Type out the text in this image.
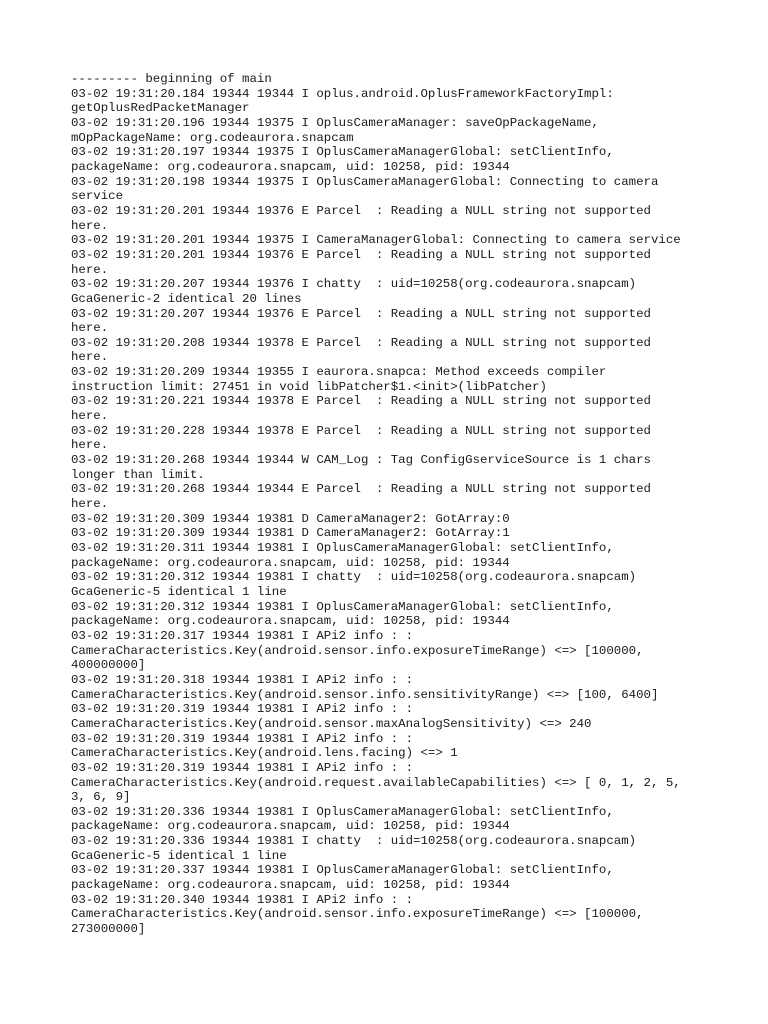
--------- beginning of main
03-02 19:31:20.184 19344 19344 I oplus.android.OplusFrameworkFactoryImpl:
getOplusRedPacketManager
03-02 19:31:20.196 19344 19375 I OplusCameraManager: saveOpPackageName,
mOpPackageName: org.codeaurora.snapcam
03-02 19:31:20.197 19344 19375 I OplusCameraManagerGlobal: setClientInfo,
packageName: org.codeaurora.snapcam, uid: 10258, pid: 19344
03-02 19:31:20.198 19344 19375 I OplusCameraManagerGlobal: Connecting to camera
service
03-02 19:31:20.201 19344 19376 E Parcel  : Reading a NULL string not supported
here.
03-02 19:31:20.201 19344 19375 I CameraManagerGlobal: Connecting to camera service
03-02 19:31:20.201 19344 19376 E Parcel  : Reading a NULL string not supported
here.
03-02 19:31:20.207 19344 19376 I chatty  : uid=10258(org.codeaurora.snapcam)
GcaGeneric-2 identical 20 lines
03-02 19:31:20.207 19344 19376 E Parcel  : Reading a NULL string not supported
here.
03-02 19:31:20.208 19344 19378 E Parcel  : Reading a NULL string not supported
here.
03-02 19:31:20.209 19344 19355 I eaurora.snapca: Method exceeds compiler
instruction limit: 27451 in void libPatcher$1.<init>(libPatcher)
03-02 19:31:20.221 19344 19378 E Parcel  : Reading a NULL string not supported
here.
03-02 19:31:20.228 19344 19378 E Parcel  : Reading a NULL string not supported
here.
03-02 19:31:20.268 19344 19344 W CAM_Log : Tag ConfigGserviceSource is 1 chars
longer than limit.
03-02 19:31:20.268 19344 19344 E Parcel  : Reading a NULL string not supported
here.
03-02 19:31:20.309 19344 19381 D CameraManager2: GotArray:0
03-02 19:31:20.309 19344 19381 D CameraManager2: GotArray:1
03-02 19:31:20.311 19344 19381 I OplusCameraManagerGlobal: setClientInfo,
packageName: org.codeaurora.snapcam, uid: 10258, pid: 19344
03-02 19:31:20.312 19344 19381 I chatty  : uid=10258(org.codeaurora.snapcam)
GcaGeneric-5 identical 1 line
03-02 19:31:20.312 19344 19381 I OplusCameraManagerGlobal: setClientInfo,
packageName: org.codeaurora.snapcam, uid: 10258, pid: 19344
03-02 19:31:20.317 19344 19381 I APi2 info : :
CameraCharacteristics.Key(android.sensor.info.exposureTimeRange) <=> [100000,
400000000]
03-02 19:31:20.318 19344 19381 I APi2 info : :
CameraCharacteristics.Key(android.sensor.info.sensitivityRange) <=> [100, 6400]
03-02 19:31:20.319 19344 19381 I APi2 info : :
CameraCharacteristics.Key(android.sensor.maxAnalogSensitivity) <=> 240
03-02 19:31:20.319 19344 19381 I APi2 info : :
CameraCharacteristics.Key(android.lens.facing) <=> 1
03-02 19:31:20.319 19344 19381 I APi2 info : :
CameraCharacteristics.Key(android.request.availableCapabilities) <=> [ 0, 1, 2, 5,
3, 6, 9]
03-02 19:31:20.336 19344 19381 I OplusCameraManagerGlobal: setClientInfo,
packageName: org.codeaurora.snapcam, uid: 10258, pid: 19344
03-02 19:31:20.336 19344 19381 I chatty  : uid=10258(org.codeaurora.snapcam)
GcaGeneric-5 identical 1 line
03-02 19:31:20.337 19344 19381 I OplusCameraManagerGlobal: setClientInfo,
packageName: org.codeaurora.snapcam, uid: 10258, pid: 19344
03-02 19:31:20.340 19344 19381 I APi2 info : :
CameraCharacteristics.Key(android.sensor.info.exposureTimeRange) <=> [100000,
273000000]
